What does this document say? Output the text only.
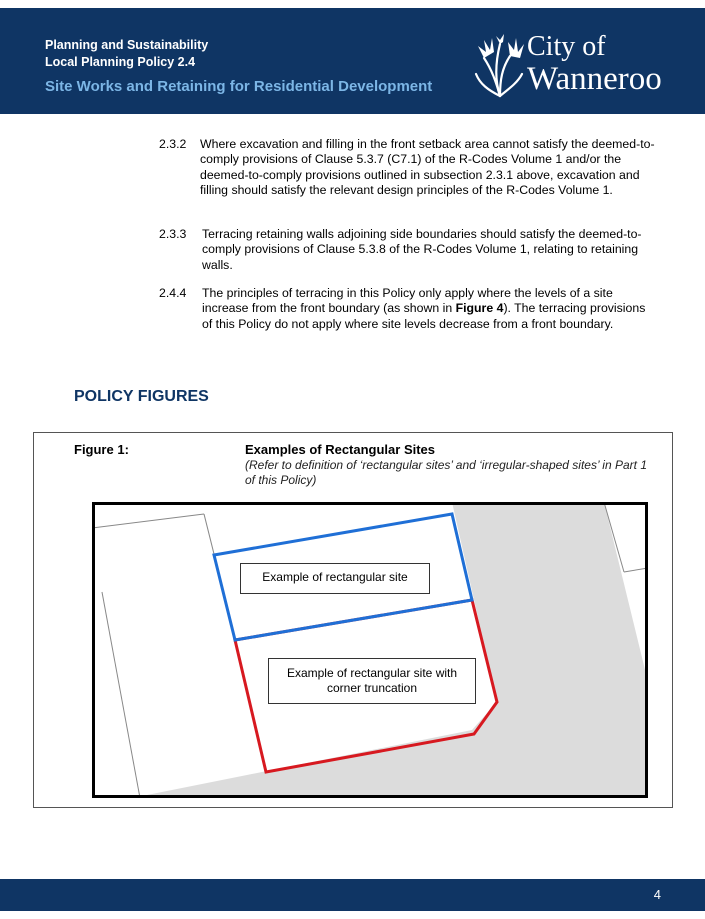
Planning and Sustainability
Local Planning Policy 2.4
Site Works and Retaining for Residential Development
City of
Wanneroo
2.3.2 Where excavation and filling in the front setback area cannot satisfy the deemed-to-comply provisions of Clause 5.3.7 (C7.1) of the R-Codes Volume 1 and/or the deemed-to-comply provisions outlined in subsection 2.3.1 above, excavation and filling should satisfy the relevant design principles of the R-Codes Volume 1.
2.3.3 Terracing retaining walls adjoining side boundaries should satisfy the deemed-to-comply provisions of Clause 5.3.8 of the R-Codes Volume 1, relating to retaining walls.
2.4.4 The principles of terracing in this Policy only apply where the levels of a site increase from the front boundary (as shown in Figure 4). The terracing provisions of this Policy do not apply where site levels decrease from a front boundary.
POLICY FIGURES
Figure 1:	Examples of Rectangular Sites
(Refer to definition of ‘rectangular sites’ and ‘irregular-shaped sites’ in Part 1 of this Policy)
Example of rectangular site
Example of rectangular site with corner truncation
4
